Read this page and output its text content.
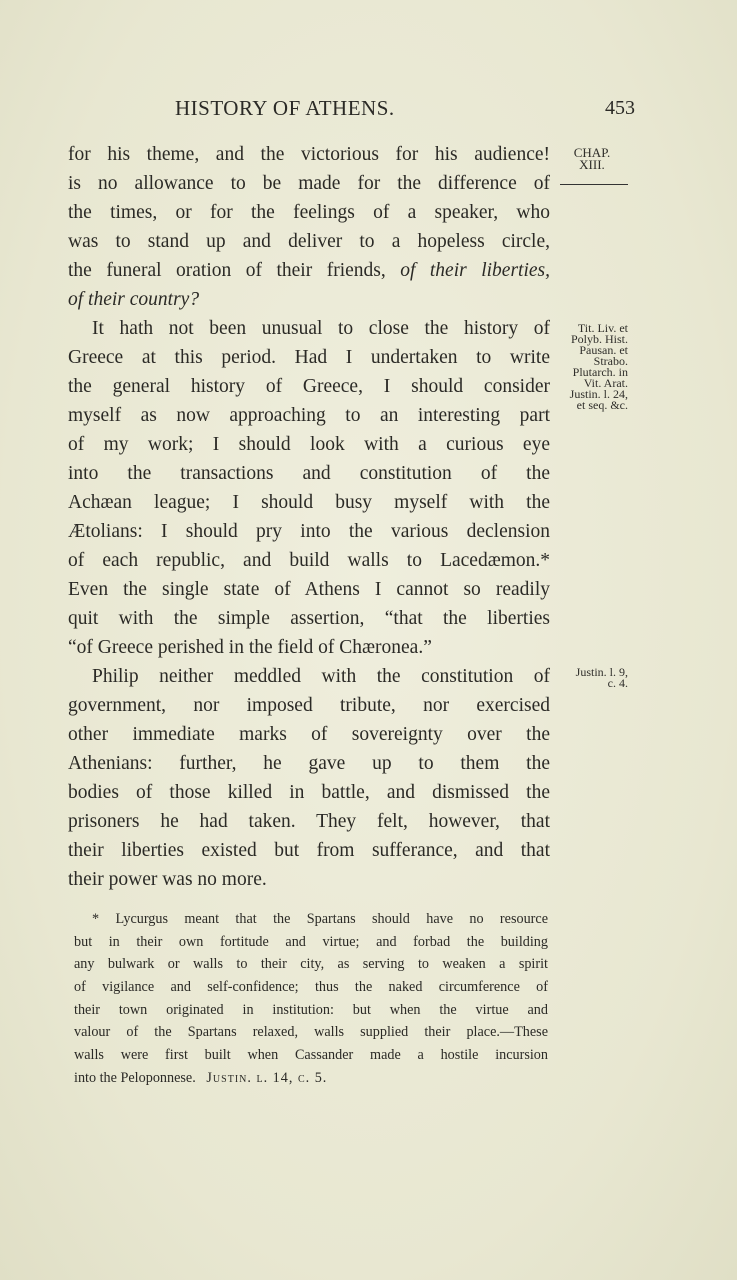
HISTORY OF ATHENS.	453
CHAP.
XIII.
Tit. Liv. et
Polyb. Hist.
Pausan. et
Strabo.
Plutarch. in
Vit. Arat.
Justin. l. 24,
et seq. &c.
Justin. l. 9,
c. 4.
for his theme, and the victorious for his audience!
is no allowance to be made for the difference of
the times, or for the feelings of a speaker, who
was to stand up and deliver to a hopeless circle,
the funeral oration of their friends, of their liberties,
of their country?
It hath not been unusual to close the history of
Greece at this period. Had I undertaken to write
the general history of Greece, I should consider
myself as now approaching to an interesting part
of my work; I should look with a curious eye
into the transactions and constitution of the
Achæan league; I should busy myself with the
Ætolians: I should pry into the various declension
of each republic, and build walls to Lacedæmon.*
Even the single state of Athens I cannot so readily
quit with the simple assertion, “that the liberties
“of Greece perished in the field of Chæronea.”
Philip neither meddled with the constitution of
government, nor imposed tribute, nor exercised
other immediate marks of sovereignty over the
Athenians: further, he gave up to them the
bodies of those killed in battle, and dismissed the
prisoners he had taken. They felt, however, that
their liberties existed but from sufferance, and that
their power was no more.
* Lycurgus meant that the Spartans should have no resource
but in their own fortitude and virtue; and forbad the building
any bulwark or walls to their city, as serving to weaken a spirit
of vigilance and self-confidence; thus the naked circumference of
their town originated in institution: but when the virtue and
valour of the Spartans relaxed, walls supplied their place.—These
walls were first built when Cassander made a hostile incursion
into the Peloponnese. Justin. l. 14, c. 5.
